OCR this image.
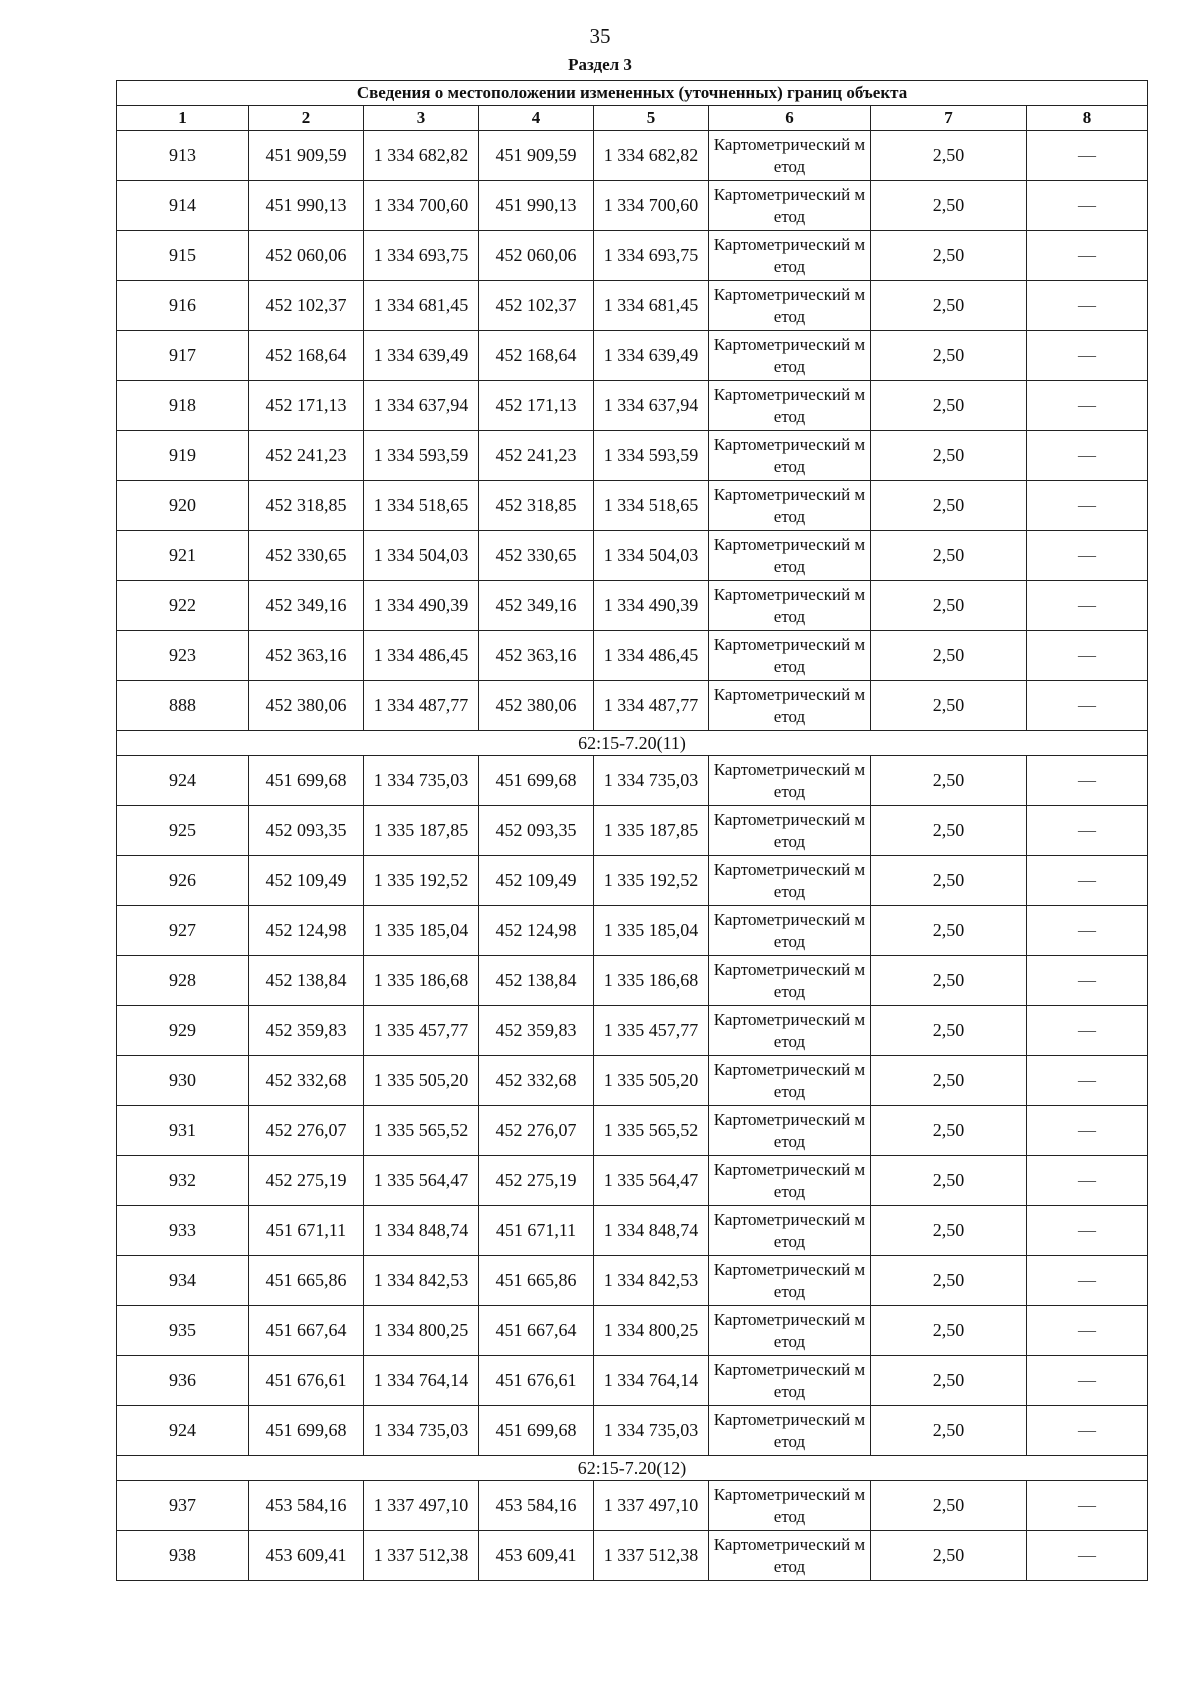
35
Раздел 3
Сведения о местоположении измененных (уточненных) границ объекта							
1	2	3	4	5	6	7	8
913	451 909,59	1 334 682,82	451 909,59	1 334 682,82	Картометрический метод	2,50	—
914	451 990,13	1 334 700,60	451 990,13	1 334 700,60	Картометрический метод	2,50	—
915	452 060,06	1 334 693,75	452 060,06	1 334 693,75	Картометрический метод	2,50	—
916	452 102,37	1 334 681,45	452 102,37	1 334 681,45	Картометрический метод	2,50	—
917	452 168,64	1 334 639,49	452 168,64	1 334 639,49	Картометрический метод	2,50	—
918	452 171,13	1 334 637,94	452 171,13	1 334 637,94	Картометрический метод	2,50	—
919	452 241,23	1 334 593,59	452 241,23	1 334 593,59	Картометрический метод	2,50	—
920	452 318,85	1 334 518,65	452 318,85	1 334 518,65	Картометрический метод	2,50	—
921	452 330,65	1 334 504,03	452 330,65	1 334 504,03	Картометрический метод	2,50	—
922	452 349,16	1 334 490,39	452 349,16	1 334 490,39	Картометрический метод	2,50	—
923	452 363,16	1 334 486,45	452 363,16	1 334 486,45	Картометрический метод	2,50	—
888	452 380,06	1 334 487,77	452 380,06	1 334 487,77	Картометрический метод	2,50	—
62:15-7.20(11)							
924	451 699,68	1 334 735,03	451 699,68	1 334 735,03	Картометрический метод	2,50	—
925	452 093,35	1 335 187,85	452 093,35	1 335 187,85	Картометрический метод	2,50	—
926	452 109,49	1 335 192,52	452 109,49	1 335 192,52	Картометрический метод	2,50	—
927	452 124,98	1 335 185,04	452 124,98	1 335 185,04	Картометрический метод	2,50	—
928	452 138,84	1 335 186,68	452 138,84	1 335 186,68	Картометрический метод	2,50	—
929	452 359,83	1 335 457,77	452 359,83	1 335 457,77	Картометрический метод	2,50	—
930	452 332,68	1 335 505,20	452 332,68	1 335 505,20	Картометрический метод	2,50	—
931	452 276,07	1 335 565,52	452 276,07	1 335 565,52	Картометрический метод	2,50	—
932	452 275,19	1 335 564,47	452 275,19	1 335 564,47	Картометрический метод	2,50	—
933	451 671,11	1 334 848,74	451 671,11	1 334 848,74	Картометрический метод	2,50	—
934	451 665,86	1 334 842,53	451 665,86	1 334 842,53	Картометрический метод	2,50	—
935	451 667,64	1 334 800,25	451 667,64	1 334 800,25	Картометрический метод	2,50	—
936	451 676,61	1 334 764,14	451 676,61	1 334 764,14	Картометрический метод	2,50	—
924	451 699,68	1 334 735,03	451 699,68	1 334 735,03	Картометрический метод	2,50	—
62:15-7.20(12)							
937	453 584,16	1 337 497,10	453 584,16	1 337 497,10	Картометрический метод	2,50	—
938	453 609,41	1 337 512,38	453 609,41	1 337 512,38	Картометрический метод	2,50	—
